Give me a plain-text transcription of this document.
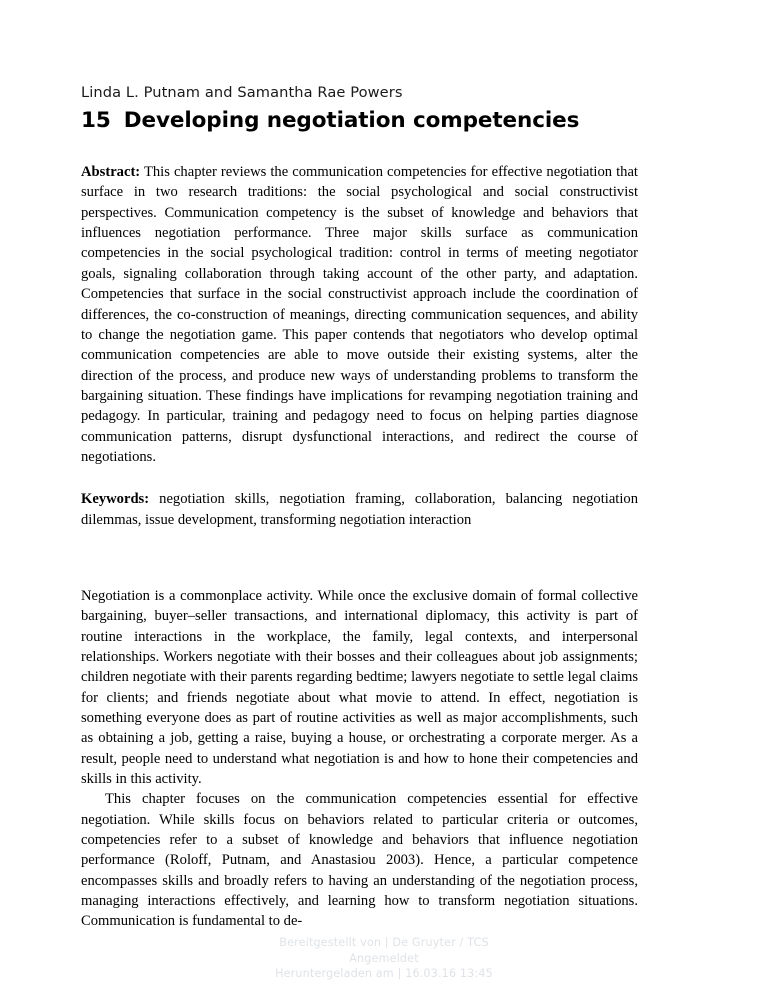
Linda L. Putnam and Samantha Rae Powers

15 Developing negotiation competencies

Abstract: This chapter reviews the communication competencies for effective negotiation that surface in two research traditions: the social psychological and social constructivist perspectives. Communication competency is the subset of knowledge and behaviors that influences negotiation performance. Three major skills surface as communication competencies in the social psychological tradition: control in terms of meeting negotiator goals, signaling collaboration through taking account of the other party, and adaptation. Competencies that surface in the social constructivist approach include the coordination of differences, the co-construction of meanings, directing communication sequences, and ability to change the negotiation game. This paper contends that negotiators who develop optimal communication competencies are able to move outside their existing systems, alter the direction of the process, and produce new ways of understanding problems to transform the bargaining situation. These findings have implications for revamping negotiation training and pedagogy. In particular, training and pedagogy need to focus on helping parties diagnose communication patterns, disrupt dysfunctional interactions, and redirect the course of negotiations.

Keywords: negotiation skills, negotiation framing, collaboration, balancing negotiation dilemmas, issue development, transforming negotiation interaction

Negotiation is a commonplace activity. While once the exclusive domain of formal collective bargaining, buyer–seller transactions, and international diplomacy, this activity is part of routine interactions in the workplace, the family, legal contexts, and interpersonal relationships. Workers negotiate with their bosses and their colleagues about job assignments; children negotiate with their parents regarding bedtime; lawyers negotiate to settle legal claims for clients; and friends negotiate about what movie to attend. In effect, negotiation is something everyone does as part of routine activities as well as major accomplishments, such as obtaining a job, getting a raise, buying a house, or orchestrating a corporate merger. As a result, people need to understand what negotiation is and how to hone their competencies and skills in this activity.

This chapter focuses on the communication competencies essential for effective negotiation. While skills focus on behaviors related to particular criteria or outcomes, competencies refer to a subset of knowledge and behaviors that influence negotiation performance (Roloff, Putnam, and Anastasiou 2003). Hence, a particular competence encompasses skills and broadly refers to having an understanding of the negotiation process, managing interactions effectively, and learning how to transform negotiation situations. Communication is fundamental to de-

Bereitgestellt von | De Gruyter / TCS
Angemeldet
Heruntergeladen am | 16.03.16 13:45
